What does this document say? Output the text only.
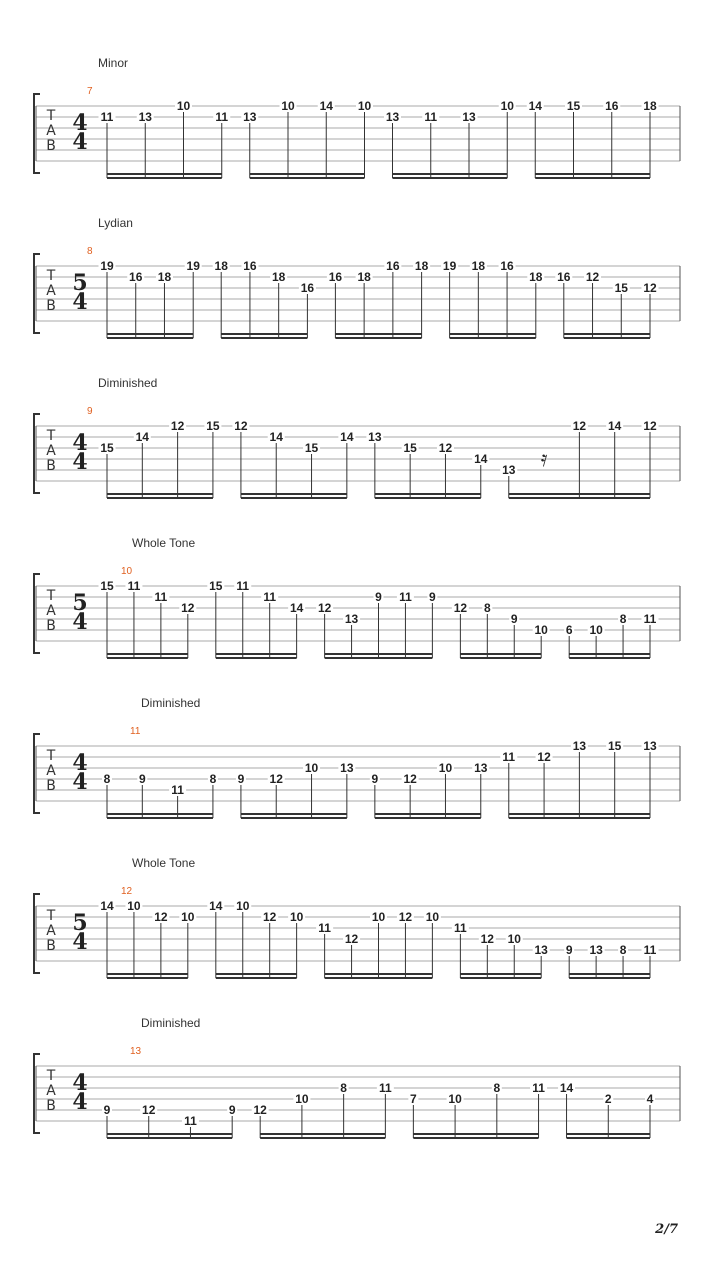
Minor
7
T
A
B
4
4
11 13
10
11 13
10 14 10
13 11 13
10 14 15 16 18
Lydian
8
T
A
B
5
4
19
16 18
19 18 16
18
16
16 18
16 18 19 18 16
18 16 12
15 12
Diminished
9
T
A
B
4
4
15
14
12 15 12
14
15
14 13
15 12
14
13 𝄿
12 14 12
Whole Tone
10
T
A
B
5
4
15 11
11
12
15 11
11
14 12
13
9 11 9
12 8
9
10 6 10
8 11
Diminished
11
T
A
B
4
4 8 9
11
8 9 12
10 13
9 12
10 13
11 12
13 15 13
Whole Tone
12
T
A
B
5
4
14 10
12 10
14 10
12 10
11
12
10 12 10
11
12 10
13 9 13 8 11
Diminished
13
T
A
B
4
4 9	12
11
9 12
10
8	11
7	10
8	11 14
2	4
2/7
